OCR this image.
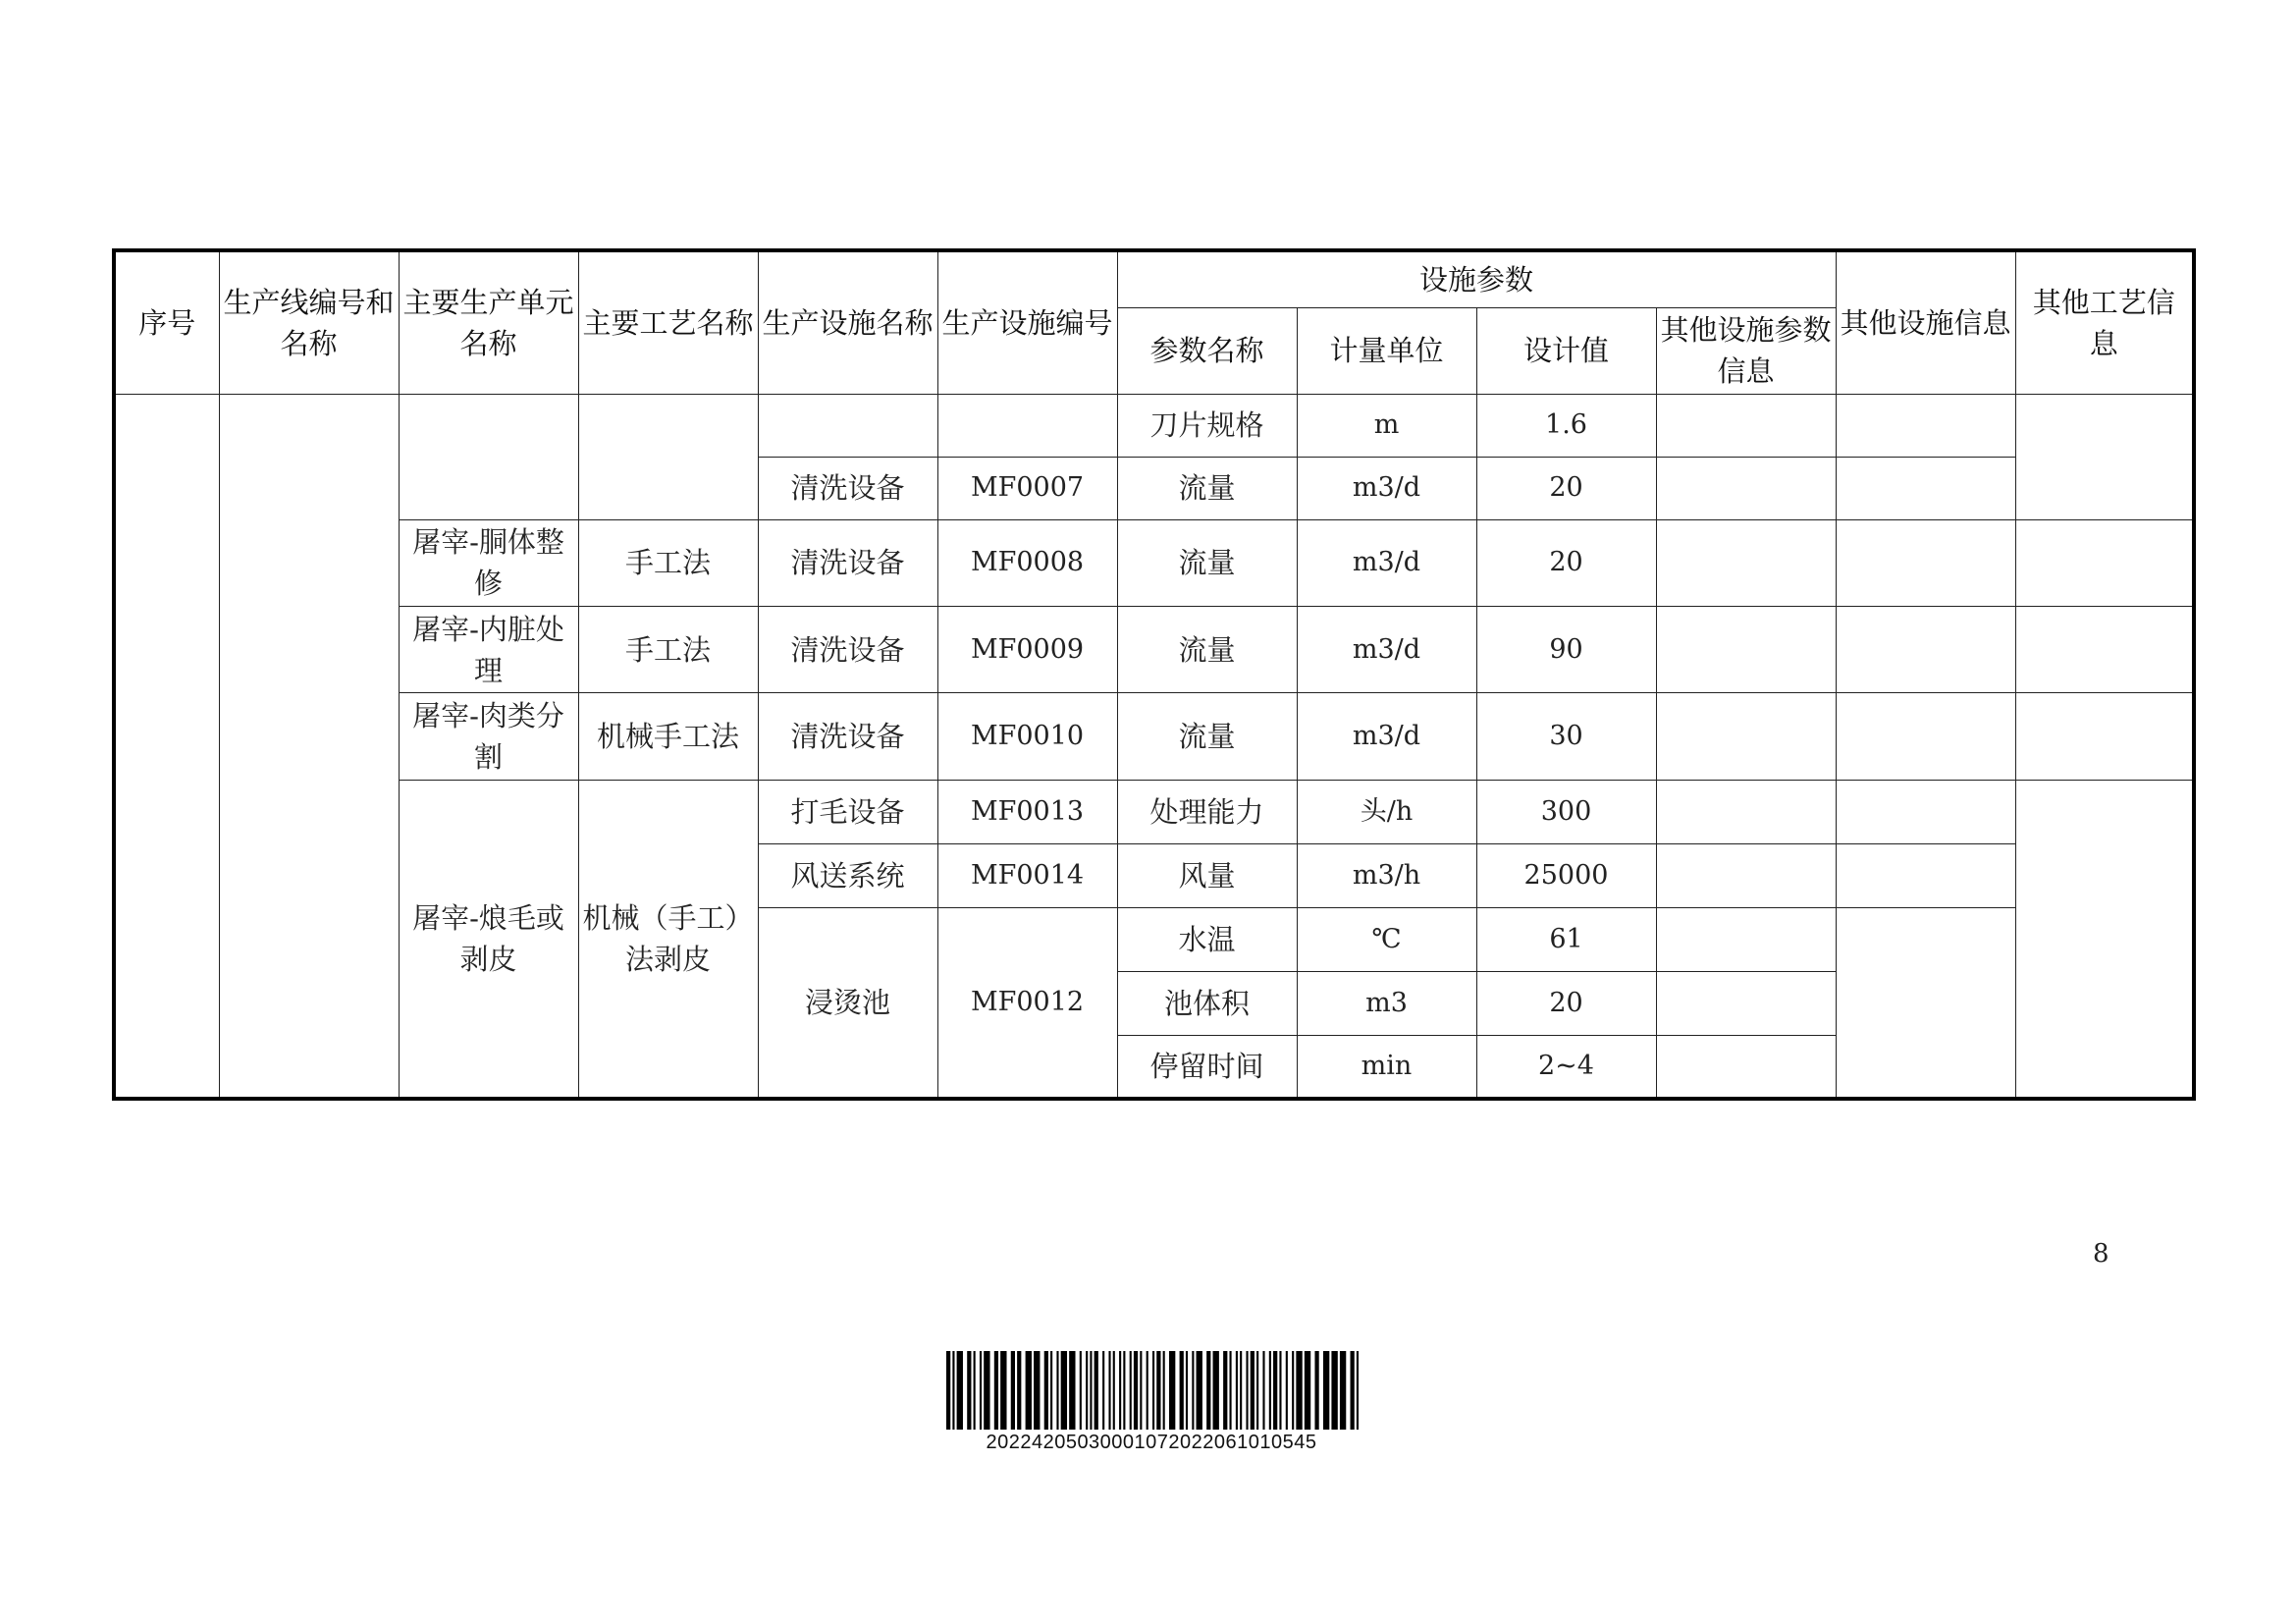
序号	生产线编号和名称	主要生产单元名称	主要工艺名称	生产设施名称	生产设施编号	设施参数				其他设施信息	其他工艺信息
						参数名称	计量单位	设计值	其他设施参数信息		
						刀片规格	m	1.6			
				清洗设备	MF0007	流量	m3/d	20			
		屠宰-胴体整修	手工法	清洗设备	MF0008	流量	m3/d	20			
		屠宰-内脏处理	手工法	清洗设备	MF0009	流量	m3/d	90			
		屠宰-肉类分割	机械手工法	清洗设备	MF0010	流量	m3/d	30			
		屠宰-烺毛或剥皮	机械（手工）法剥皮	打毛设备	MF0013	处理能力	头/h	300			
				风送系统	MF0014	风量	m3/h	25000			
				浸烫池	MF0012	水温	℃	61			
						池体积	m3	20			
						停留时间	min	2~4			
8
20224205030001072022061010545
